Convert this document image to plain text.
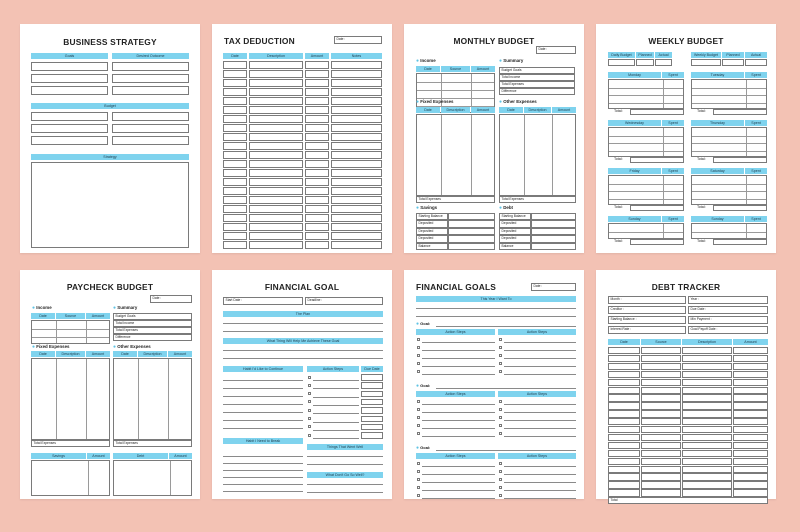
BUSINESS STRATEGY
Goals	Desired Outcome
Budget
Strategy
TAX DEDUCTION	Date :
Date	Description	Amount	Notes
MONTHLY BUDGET
Date :
● Income
Date	Source	Amount
● Summary
Budget Goals
Total Income
Total Expenses
Difference
● Fixed Expenses
Date	Description	Amount
Total Expenses
● Other Expenses
Date	Description	Amount
Total Expenses
● Savings	● Debt
Starting Balance
Deposited
Deposited
Deposited
Balance
Starting Balance
Deposited
Deposited
Deposited
Balance
WEEKLY BUDGET
Daily Budget	Planned	Actual	Weekly Budget	Planned	Actual
Monday	Spent
Total:
Tuesday	Spent
Total:
Wednesday	Spent
Total:
Thursday	Spent
Total:
Friday	Spent
Total:
Saturday	Spent
Total:
Sunday	Spent
Total:
Sunday	Spent
Total:
PAYCHECK BUDGET
Date :
● Income
Date	Source	Amount
● Summary
Budget Goals
Total Income
Total Expenses
Difference
● Fixed Expenses
Date	Description	Amount
Total Expenses
● Other Expenses
Date	Description	Amount
Total Expenses
Savings	Amount	Debt	Amount
FINANCIAL GOAL
Start Date :	Deadline :
The Plan
What Thing Will Help Me Achieve These Goal
Habit I'd Like to Continue	Action Steps	Due Date
Habit I Need to Break
Things That Went Well
What Don't Go So Well?
FINANCIAL GOALS	Date :
This Year I Want To
● Goal:
Action Steps	Action Steps
● Goal:
Action Steps	Action Steps
● Goal:
Action Steps	Action Steps
DEBT TRACKER
Month :	Year :
Creditor :	Due Date :
Starting Balance :	Min Payment :
Interest Rate :	Goal Payoff Date :
Date	Source	Description	Amount
Total
